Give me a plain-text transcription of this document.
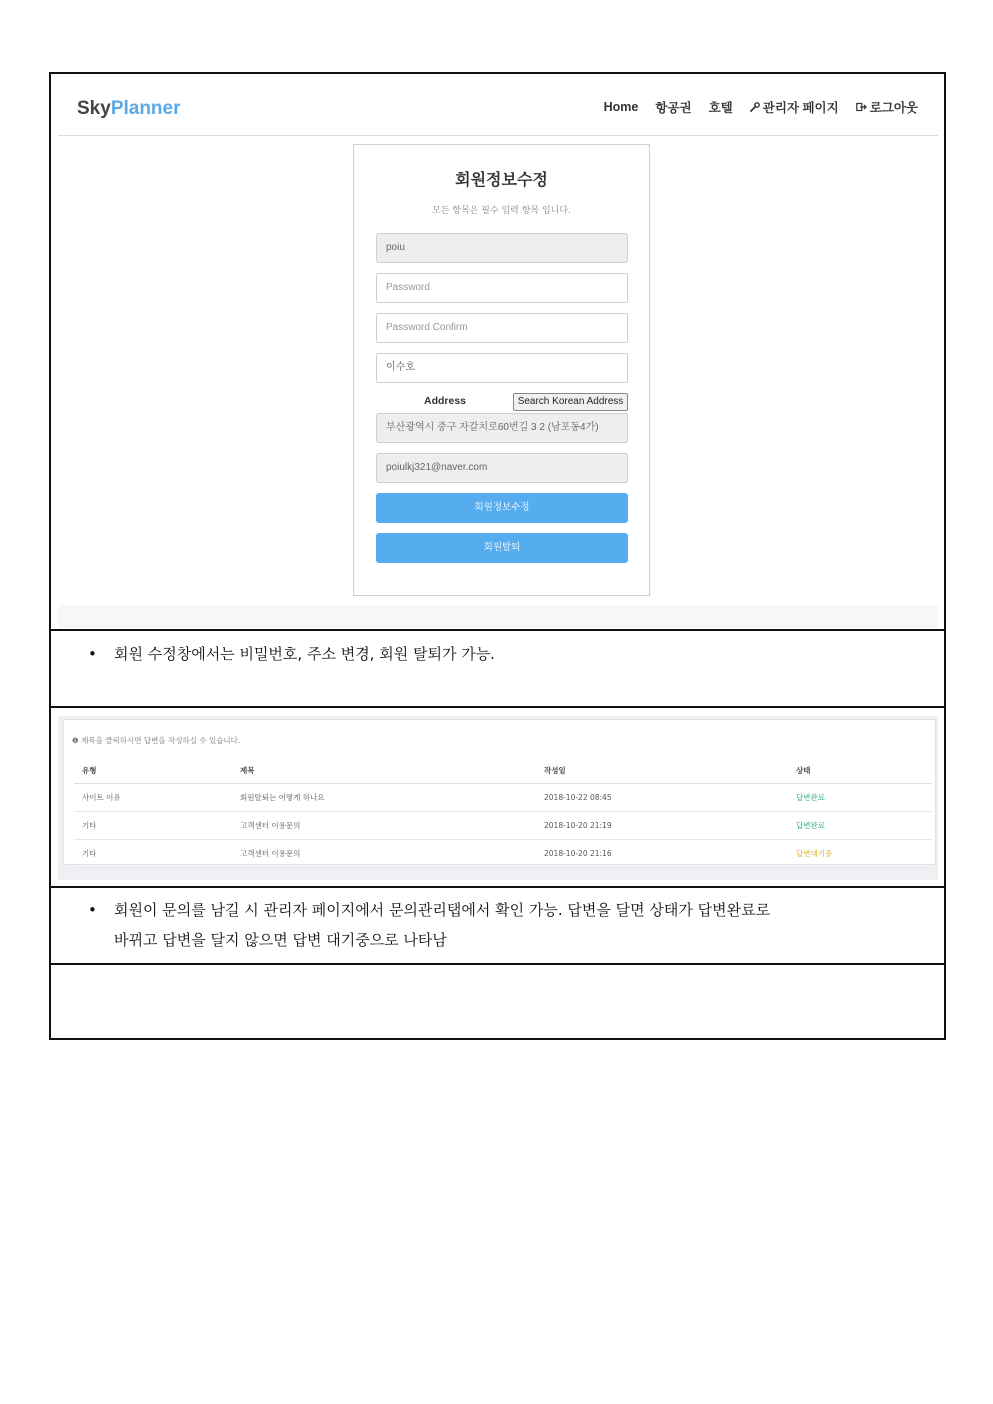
SkyPlanner	Home 항공권 호텔 관리자 페이지 로그아웃
회원정보수정
모든 항목은 필수 입력 항목 입니다.
poiu
Password
Password Confirm
이수호
Address	Search Korean Address
부산광역시 중구 자갈치로60번길 3 2 (남포동4가)
poiulkj321@naver.com
회원정보수정
회원탈퇴
• 회원 수정창에서는 비밀번호, 주소 변경, 회원 탈퇴가 가능.
❶ 제목을 클릭하시면 답변을 작성하실 수 있습니다.
유형	제목	작성일	상태
사이트 이유	회원탈퇴는 어떻게 하나요	2018-10-22 08:45	답변완료
기타	고객센터 이용문의	2018-10-20 21:19	답변완료
기타	고객센터 이용문의	2018-10-20 21:16	답변대기중
• 회원이 문의를 남길 시 관리자 페이지에서 문의관리탭에서 확인 가능. 답변을 달면 상태가 답변완료로
바뀌고 답변을 달지 않으면 답변 대기중으로 나타남
